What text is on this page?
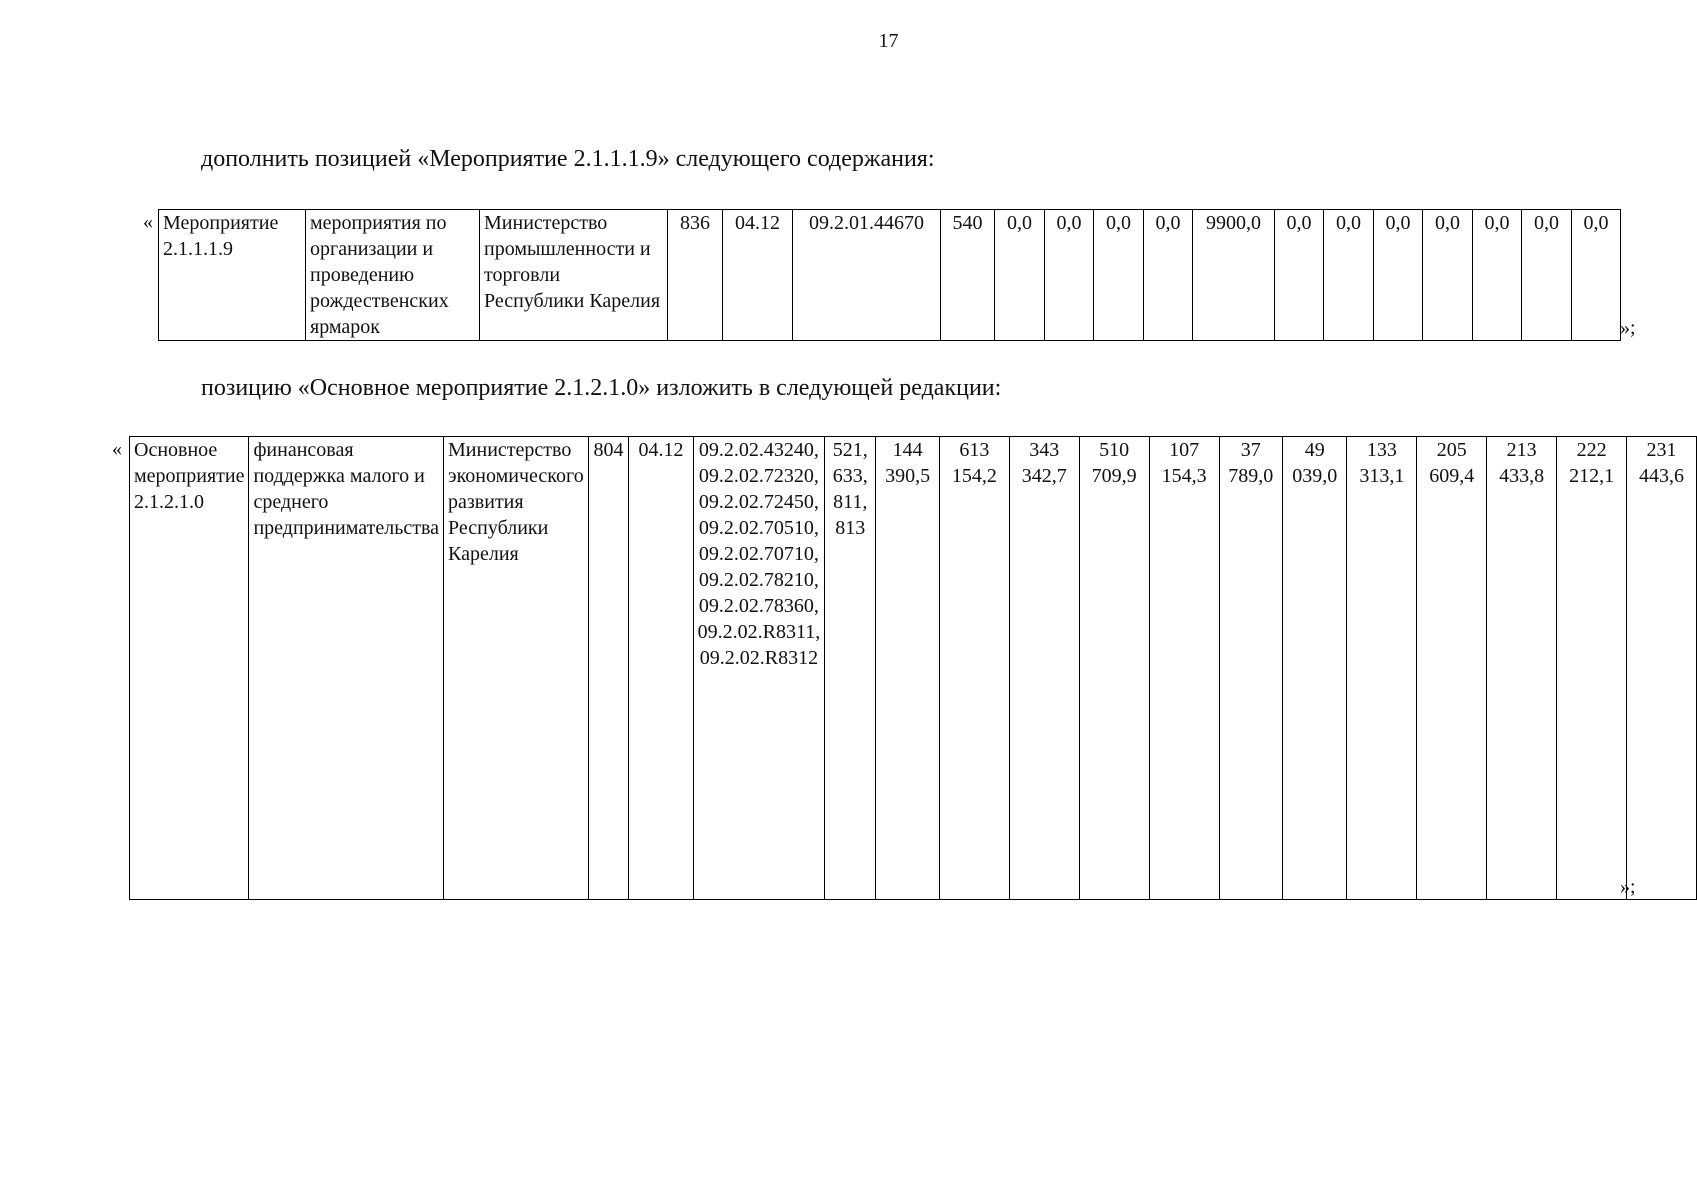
17
дополнить позицией «Мероприятие 2.1.1.1.9» следующего содержания:
« Мероприятие 2.1.1.1.9	мероприятия по организации и проведению рождественских ярмарок	Министерство промышленности и торговли Республики Карелия	836	04.12	09.2.01.44670	540	0,0	0,0	0,0	0,0	9900,0	0,0	0,0	0,0	0,0	0,0	0,0	0,0
»;
позицию «Основное мероприятие 2.1.2.1.0» изложить в следующей редакции:
« Основное мероприятие 2.1.2.1.0	финансовая поддержка малого и среднего предпринимательства	Министерство экономического развития Республики Карелия	804	04.12	09.2.02.43240, 09.2.02.72320, 09.2.02.72450, 09.2.02.70510, 09.2.02.70710, 09.2.02.78210, 09.2.02.78360, 09.2.02.R8311, 09.2.02.R8312	521, 633, 811, 813	144 390,5	613 154,2	343 342,7	510 709,9	107 154,3	37 789,0	49 039,0	133 313,1	205 609,4	213 433,8	222 212,1	231 443,6
»;
